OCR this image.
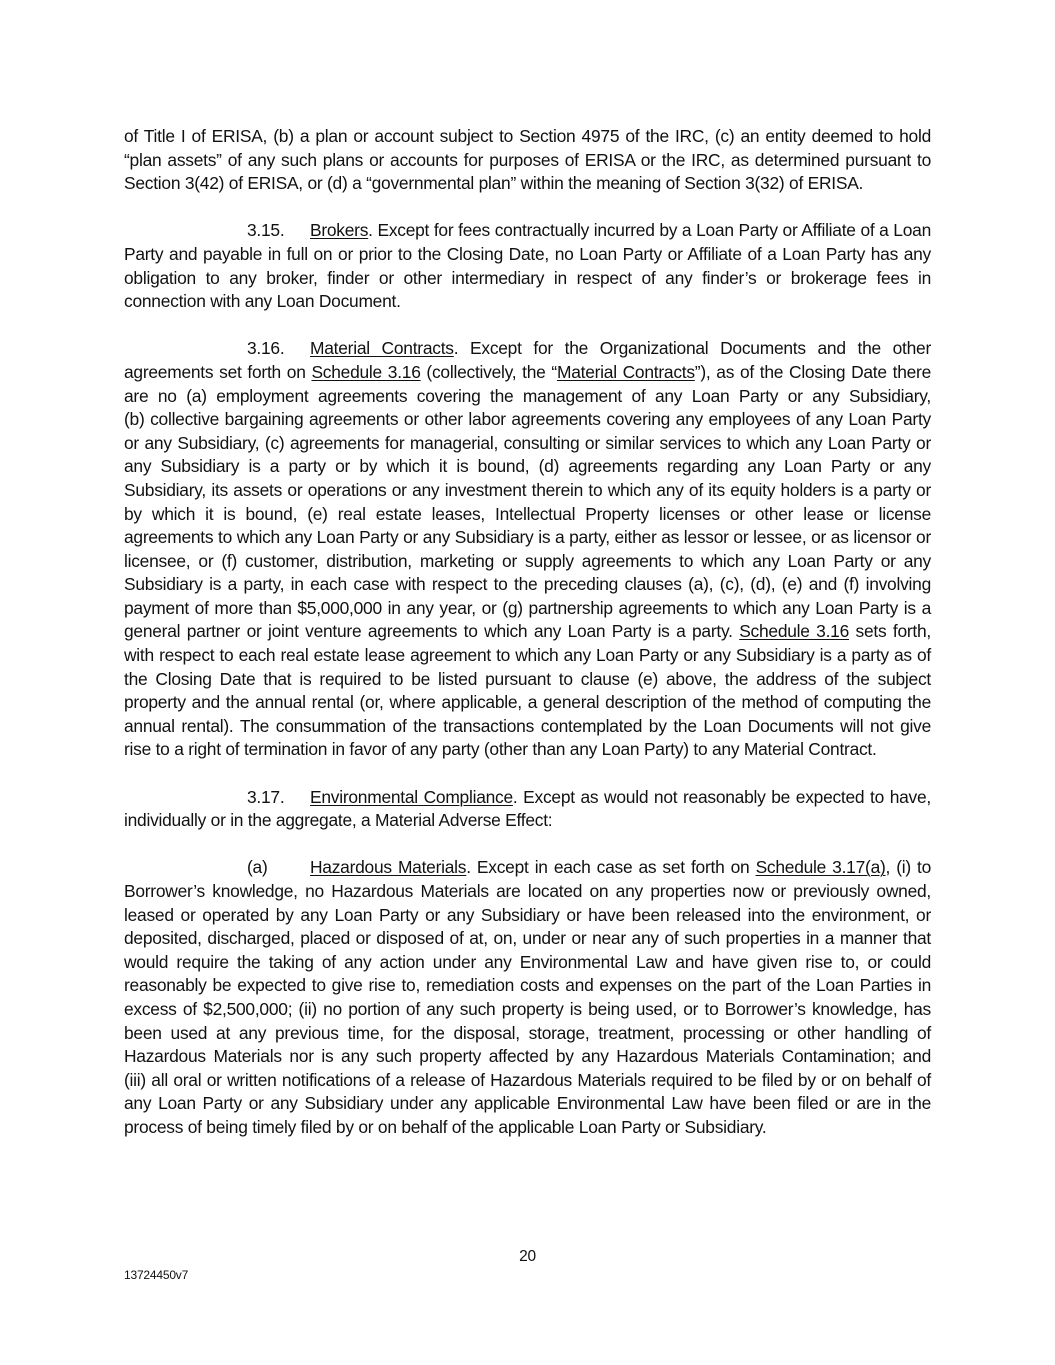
of Title I of ERISA, (b) a plan or account subject to Section 4975 of the IRC, (c) an entity deemed to hold “plan assets” of any such plans or accounts for purposes of ERISA or the IRC, as determined pursuant to Section 3(42) of ERISA, or (d) a “governmental plan” within the meaning of Section 3(32) of ERISA.

3.15. Brokers. Except for fees contractually incurred by a Loan Party or Affiliate of a Loan Party and payable in full on or prior to the Closing Date, no Loan Party or Affiliate of a Loan Party has any obligation to any broker, finder or other intermediary in respect of any finder’s or brokerage fees in connection with any Loan Document.

3.16. Material Contracts. Except for the Organizational Documents and the other agreements set forth on Schedule 3.16 (collectively, the “Material Contracts”), as of the Closing Date there are no (a) employment agreements covering the management of any Loan Party or any Subsidiary, (b) collective bargaining agreements or other labor agreements covering any employees of any Loan Party or any Subsidiary, (c) agreements for managerial, consulting or similar services to which any Loan Party or any Subsidiary is a party or by which it is bound, (d) agreements regarding any Loan Party or any Subsidiary, its assets or operations or any investment therein to which any of its equity holders is a party or by which it is bound, (e) real estate leases, Intellectual Property licenses or other lease or license agreements to which any Loan Party or any Subsidiary is a party, either as lessor or lessee, or as licensor or licensee, or (f) customer, distribution, marketing or supply agreements to which any Loan Party or any Subsidiary is a party, in each case with respect to the preceding clauses (a), (c), (d), (e) and (f) involving payment of more than $5,000,000 in any year, or (g) partnership agreements to which any Loan Party is a general partner or joint venture agreements to which any Loan Party is a party. Schedule 3.16 sets forth, with respect to each real estate lease agreement to which any Loan Party or any Subsidiary is a party as of the Closing Date that is required to be listed pursuant to clause (e) above, the address of the subject property and the annual rental (or, where applicable, a general description of the method of computing the annual rental). The consummation of the transactions contemplated by the Loan Documents will not give rise to a right of termination in favor of any party (other than any Loan Party) to any Material Contract.

3.17. Environmental Compliance. Except as would not reasonably be expected to have, individually or in the aggregate, a Material Adverse Effect:

(a) Hazardous Materials. Except in each case as set forth on Schedule 3.17(a), (i) to Borrower’s knowledge, no Hazardous Materials are located on any properties now or previously owned, leased or operated by any Loan Party or any Subsidiary or have been released into the environment, or deposited, discharged, placed or disposed of at, on, under or near any of such properties in a manner that would require the taking of any action under any Environmental Law and have given rise to, or could reasonably be expected to give rise to, remediation costs and expenses on the part of the Loan Parties in excess of $2,500,000; (ii) no portion of any such property is being used, or to Borrower’s knowledge, has been used at any previous time, for the disposal, storage, treatment, processing or other handling of Hazardous Materials nor is any such property affected by any Hazardous Materials Contamination; and (iii) all oral or written notifications of a release of Hazardous Materials required to be filed by or on behalf of any Loan Party or any Subsidiary under any applicable Environmental Law have been filed or are in the process of being timely filed by or on behalf of the applicable Loan Party or Subsidiary.

20
13724450v7
